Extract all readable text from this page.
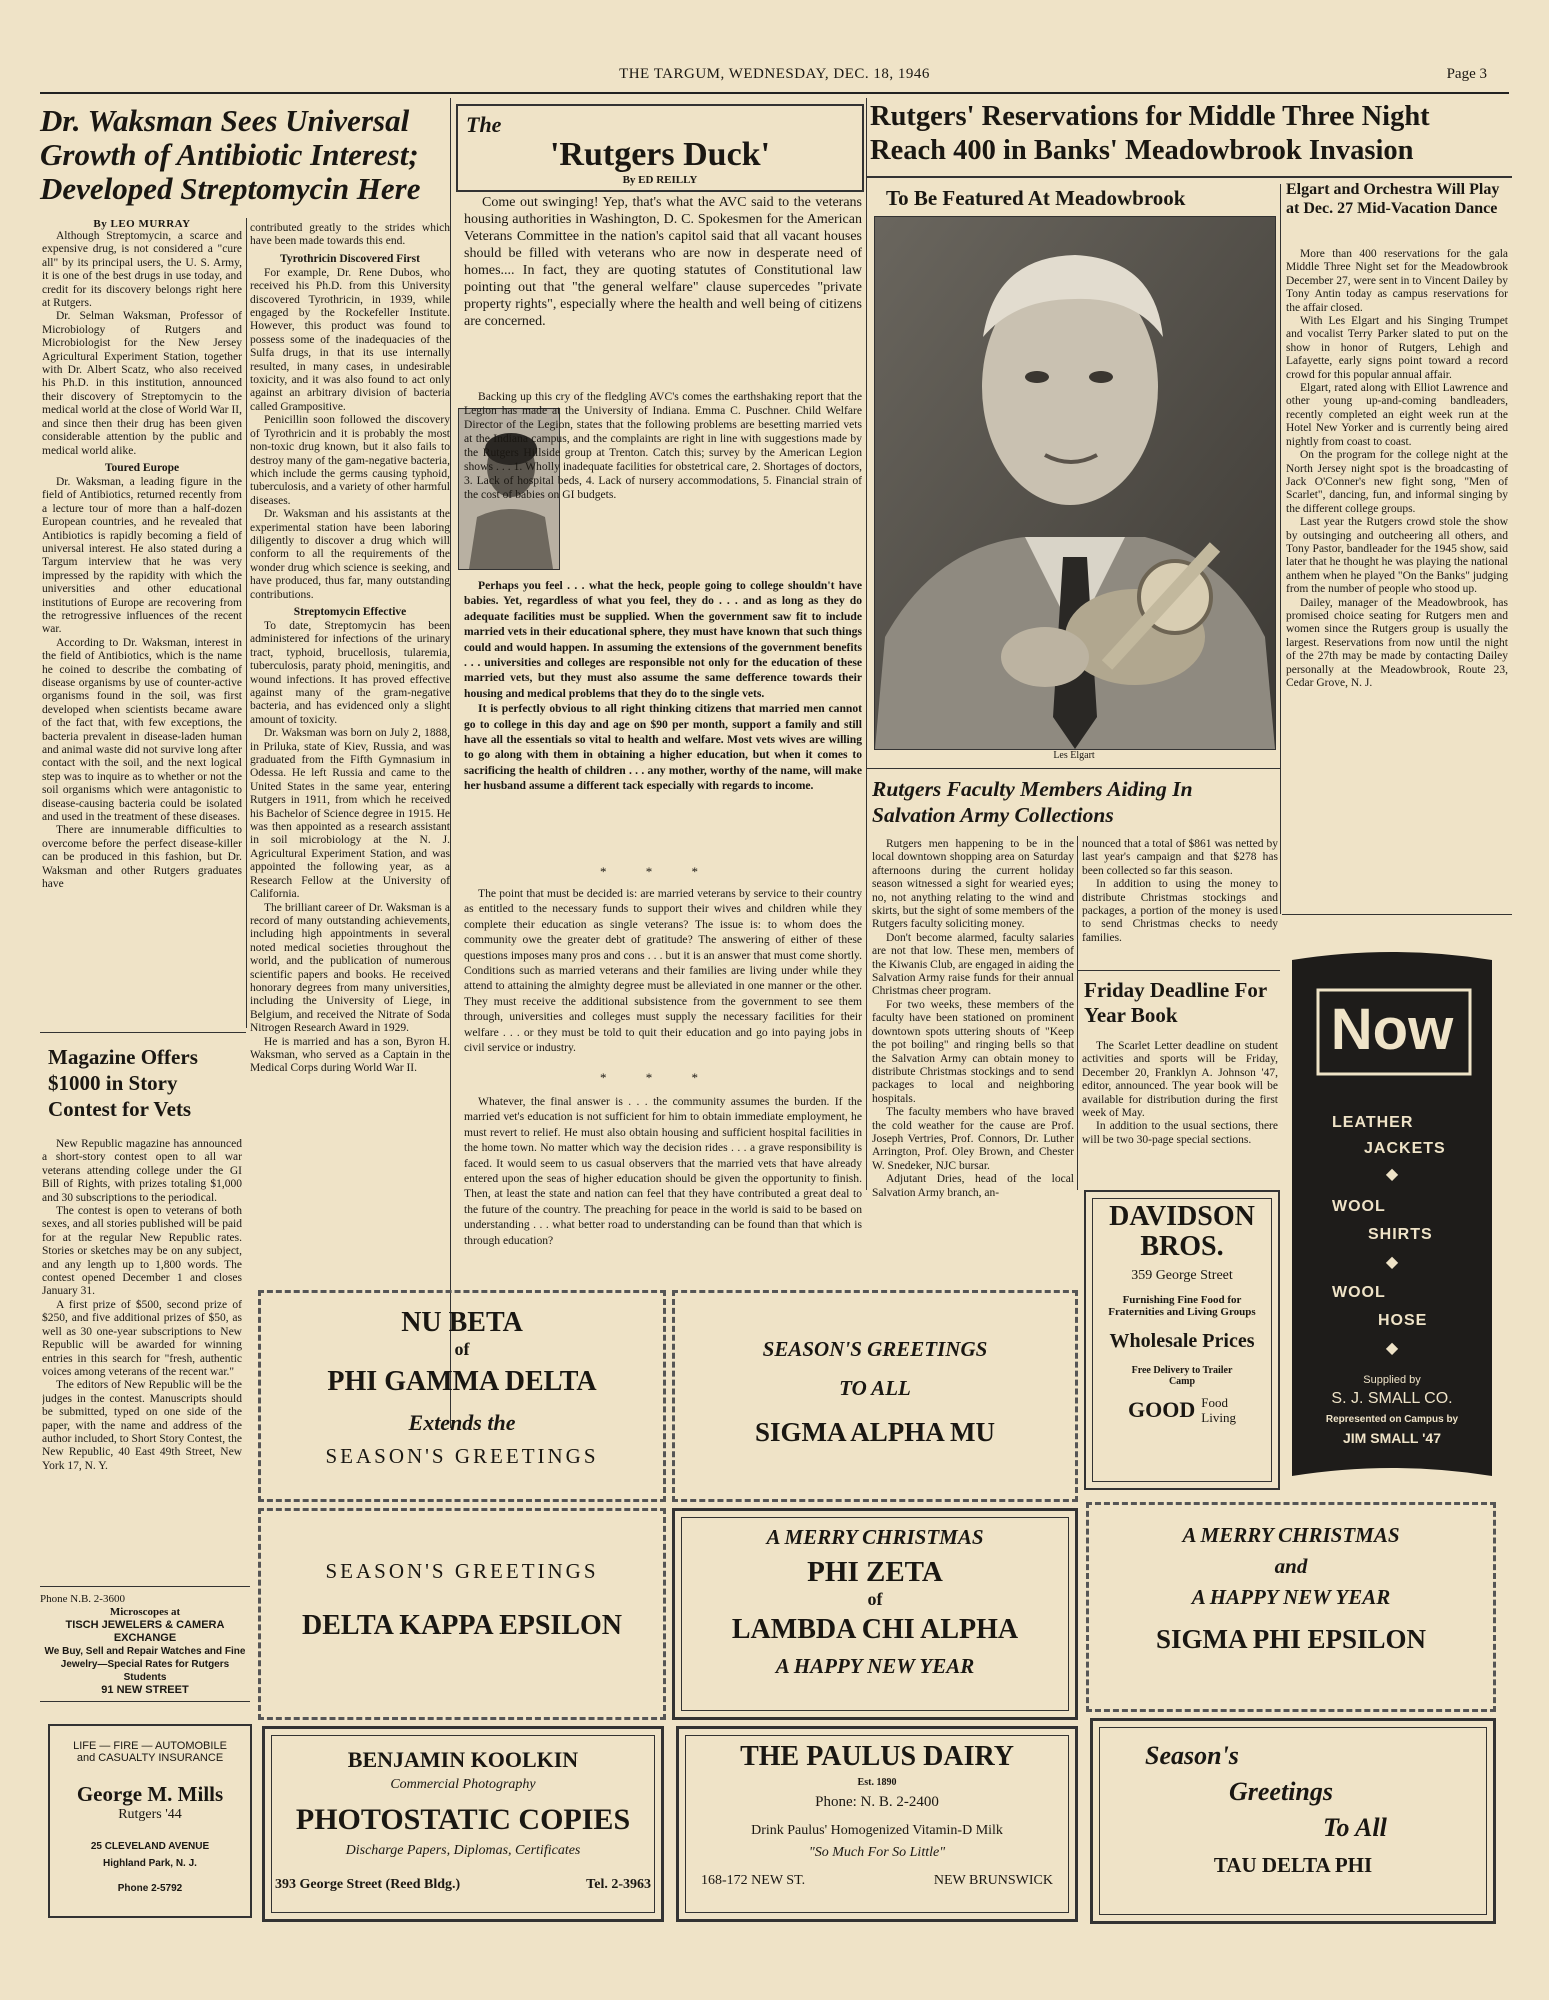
THE TARGUM, WEDNESDAY, DEC. 18, 1946	Page 3
Dr. Waksman Sees Universal Growth of Antibiotic Interest; Developed Streptomycin Here
By LEO MURRAY

Although Streptomycin, a scarce and expensive drug, is not considered a "cure all" by its principal users, the U. S. Army, it is one of the best drugs in use today, and credit for its discovery belongs right here at Rutgers.

Dr. Selman Waksman, Professor of Microbiology of Rutgers and Microbiologist for the New Jersey Agricultural Experiment Station, together with Dr. Albert Scatz, who also received his Ph.D. in this institution, announced their discovery of Streptomycin to the medical world at the close of World War II, and since then their drug has been given considerable attention by the public and medical world alike.

Toured Europe

Dr. Waksman, a leading figure in the field of Antibiotics, returned recently from a lecture tour of more than a half-dozen European countries, and he revealed that Antibiotics is rapidly becoming a field of universal interest. He also stated during a Targum interview that he was very impressed by the rapidity with which the universities and other educational institutions of Europe are recovering from the retrogressive influences of the recent war.

According to Dr. Waksman, interest in the field of Antibiotics, which is the name he coined to describe the combating of disease organisms by use of counter-active organisms found in the soil, was first developed when scientists became aware of the fact that, with few exceptions, the bacteria prevalent in disease-laden human and animal waste did not survive long after contact with the soil, and the next logical step was to inquire as to whether or not the soil organisms which were antagonistic to disease-causing bacteria could be isolated and used in the treatment of these diseases.

There are innumerable difficulties to overcome before the perfect disease-killer can be produced in this fashion, but Dr. Waksman and other Rutgers graduates have

contributed greatly to the strides which have been made towards this end.

Tyrothricin Discovered First

For example, Dr. Rene Dubos, who received his Ph.D. from this University discovered Tyrothricin, in 1939, while engaged by the Rockefeller Institute. However, this product was found to possess some of the inadequacies of the Sulfa drugs, in that its use internally resulted, in many cases, in undesirable toxicity, and it was also found to act only against an arbitrary division of bacteria called Grampositive.

Penicillin soon followed the discovery of Tyrothricin and it is probably the most non-toxic drug known, but it also fails to destroy many of the gam-negative bacteria, which include the germs causing typhoid, tuberculosis, and a variety of other harmful diseases.

Dr. Waksman and his assistants at the experimental station have been laboring diligently to discover a drug which will conform to all the requirements of the wonder drug which science is seeking, and have produced, thus far, many outstanding contributions.

Streptomycin Effective

To date, Streptomycin has been administered for infections of the urinary tract, typhoid, brucellosis, tularemia, tuberculosis, paraty phoid, meningitis, and wound infections. It has proved effective against many of the gram-negative bacteria, and has evidenced only a slight amount of toxicity.

Dr. Waksman was born on July 2, 1888, in Priluka, state of Kiev, Russia, and was graduated from the Fifth Gymnasium in Odessa. He left Russia and came to the United States in the same year, entering Rutgers in 1911, from which he received his Bachelor of Science degree in 1915. He was then appointed as a research assistant in soil microbiology at the N. J. Agricultural Experiment Station, and was appointed the following year, as a Research Fellow at the University of California.

The brilliant career of Dr. Waksman is a record of many outstanding achievements, including high appointments in several noted medical societies throughout the world, and the publication of numerous scientific papers and books. He received honorary degrees from many universities, including the University of Liege, in Belgium, and received the Nitrate of Soda Nitrogen Research Award in 1929.

He is married and has a son, Byron H. Waksman, who served as a Captain in the Medical Corps during World War II.

Magazine Offers $1000 in Story Contest for Vets

New Republic magazine has announced a short-story contest open to all war veterans attending college under the GI Bill of Rights, with prizes totaling $1,000 and 30 subscriptions to the periodical.

The contest is open to veterans of both sexes, and all stories published will be paid for at the regular New Republic rates. Stories or sketches may be on any subject, and any length up to 1,800 words. The contest opened December 1 and closes January 31.

A first prize of $500, second prize of $250, and five additional prizes of $50, as well as 30 one-year subscriptions to New Republic will be awarded for winning entries in this search for "fresh, authentic voices among veterans of the recent war."

The editors of New Republic will be the judges in the contest. Manuscripts should be submitted, typed on one side of the paper, with the name and address of the author included, to Short Story Contest, the New Republic, 40 East 49th Street, New York 17, N. Y.

Phone N.B. 2-3600
Microscopes at
TISCH JEWELERS & CAMERA EXCHANGE
We Buy, Sell and Repair Watches and Fine Jewelry—Special Rates for Rutgers Students
91 NEW STREET
LIFE — FIRE — AUTOMOBILE
and CASUALTY INSURANCE
George M. Mills
Rutgers '44
25 CLEVELAND AVENUE
Highland Park, N. J.
Phone 2-5792
The
'Rutgers Duck'
By ED REILLY

Come out swinging! Yep, that's what the AVC said to the veterans housing authorities in Washington, D. C. Spokesmen for the American Veterans Committee in the nation's capitol said that all vacant houses should be filled with veterans who are now in desperate need of homes.... In fact, they are quoting statutes of Constitutional law pointing out that "the general welfare" clause supercedes "private property rights", especially where the health and well being of citizens are concerned.

Backing up this cry of the fledgling AVC's comes the earthshaking report that the Legion has made at the University of Indiana. Emma C. Puschner. Child Welfare Director of the Legion, states that the following problems are besetting married vets at the Indiana campus, and the complaints are right in line with suggestions made by the Rutgers Hillside group at Trenton. Catch this; survey by the American Legion shows . . . 1. Wholly inadequate facilities for obstetrical care, 2. Shortages of doctors, 3. Lack of hospital beds, 4. Lack of nursery accommodations, 5. Financial strain of the cost of babies on GI budgets.

Perhaps you feel . . . what the heck, people going to college shouldn't have babies. Yet, regardless of what you feel, they do . . . and as long as they do adequate facilities must be supplied. When the government saw fit to include married vets in their educational sphere, they must have known that such things could and would happen. In assuming the extensions of the government benefits . . . universities and colleges are responsible not only for the education of these married vets, but they must also assume the same defference towards their housing and medical problems that they do to the single vets.

It is perfectly obvious to all right thinking citizens that married men cannot go to college in this day and age on $90 per month, support a family and still have all the essentials so vital to health and welfare. Most vets wives are willing to go along with them in obtaining a higher education, but when it comes to sacrificing the health of children . . . any mother, worthy of the name, will make her husband assume a different tack especially with regards to income.

* * *

The point that must be decided is: are married veterans by service to their country as entitled to the necessary funds to support their wives and children while they complete their education as single veterans? The issue is: to whom does the community owe the greater debt of gratitude? The answering of either of these questions imposes many pros and cons . . . but it is an answer that must come shortly. Conditions such as married veterans and their families are living under while they attend to attaining the almighty degree must be alleviated in one manner or the other. They must receive the additional subsistence from the government to see them through, universities and colleges must supply the necessary facilities for their welfare . . . or they must be told to quit their education and go into paying jobs in civil service or industry.

* * *

Whatever, the final answer is . . . the community assumes the burden. If the married vet's education is not sufficient for him to obtain immediate employment, he must revert to relief. He must also obtain housing and sufficient hospital facilities in the home town. No matter which way the decision rides . . . a grave responsibility is faced. It would seem to us casual observers that the married vets that have already entered upon the seas of higher education should be given the opportunity to finish. Then, at least the state and nation can feel that they have contributed a great deal to the future of the country. The preaching for peace in the world is said to be based on understanding . . . what better road to understanding can be found than that which is through education?

Rutgers' Reservations for Middle Three Night Reach 400 in Banks' Meadowbrook Invasion
To Be Featured At Meadowbrook
Les Elgart
Elgart and Orchestra Will Play at Dec. 27 Mid-Vacation Dance

More than 400 reservations for the gala Middle Three Night set for the Meadowbrook December 27, were sent in to Vincent Dailey by Tony Antin today as campus reservations for the affair closed.

With Les Elgart and his Singing Trumpet and vocalist Terry Parker slated to put on the show in honor of Rutgers, Lehigh and Lafayette, early signs point toward a record crowd for this popular annual affair.

Elgart, rated along with Elliot Lawrence and other young up-and-coming bandleaders, recently completed an eight week run at the Hotel New Yorker and is currently being aired nightly from coast to coast.

On the program for the college night at the North Jersey night spot is the broadcasting of Jack O'Conner's new fight song, "Men of Scarlet", dancing, fun, and informal singing by the different college groups.

Last year the Rutgers crowd stole the show by outsinging and outcheering all others, and Tony Pastor, bandleader for the 1945 show, said later that he thought he was playing the national anthem when he played "On the Banks" judging from the number of people who stood up.

Dailey, manager of the Meadowbrook, has promised choice seating for Rutgers men and women since the Rutgers group is usually the largest. Reservations from now until the night of the 27th may be made by contacting Dailey personally at the Meadowbrook, Route 23, Cedar Grove, N. J.

Rutgers Faculty Members Aiding In Salvation Army Collections

Rutgers men happening to be in the local downtown shopping area on Saturday afternoons during the current holiday season witnessed a sight for wearied eyes; no, not anything relating to the wind and skirts, but the sight of some members of the Rutgers faculty soliciting money.

Don't become alarmed, faculty salaries are not that low. These men, members of the Kiwanis Club, are engaged in aiding the Salvation Army raise funds for their annual Christmas cheer program.

For two weeks, these members of the faculty have been stationed on prominent downtown spots uttering shouts of "Keep the pot boiling" and ringing bells so that the Salvation Army can obtain money to distribute Christmas stockings and to send packages to local and neighboring hospitals.

The faculty members who have braved the cold weather for the cause are Prof. Joseph Vertries, Prof. Connors, Dr. Luther Arrington, Prof. Oley Brown, and Chester W. Snedeker, NJC bursar.

Adjutant Dries, head of the local Salvation Army branch, an-

nounced that a total of $861 was netted by last year's campaign and that $278 has been collected so far this season.

In addition to using the money to distribute Christmas stockings and packages, a portion of the money is used to send Christmas checks to needy families.

Friday Deadline For Year Book

The Scarlet Letter deadline on student activities and sports will be Friday, December 20, Franklyn A. Johnson '47, editor, announced. The year book will be available for distribution during the first week of May.

In addition to the usual sections, there will be two 30-page special sections.

DAVIDSON
BROS.
359 George Street
Furnishing Fine Food for Fraternities and Living Groups
Wholesale Prices
Free Delivery to Trailer Camp
GOOD Food
Living
Now
LEATHER
JACKETS
◆
WOOL
SHIRTS
◆
WOOL
HOSE
◆
Supplied by
S. J. SMALL CO.
Represented on Campus by
JIM SMALL '47
NU BETA
of
PHI GAMMA DELTA
Extends the
SEASON'S GREETINGS
SEASON'S GREETINGS
TO ALL
SIGMA ALPHA MU
SEASON'S GREETINGS
DELTA KAPPA EPSILON
A MERRY CHRISTMAS
PHI ZETA
of
LAMBDA CHI ALPHA
A HAPPY NEW YEAR
A MERRY CHRISTMAS
and
A HAPPY NEW YEAR
SIGMA PHI EPSILON
BENJAMIN KOOLKIN
Commercial Photography
PHOTOSTATIC COPIES
Discharge Papers, Diplomas, Certificates
393 George Street (Reed Bldg.)	Tel. 2-3963
THE PAULUS DAIRY
Est. 1890
Phone: N. B. 2-2400
Drink Paulus' Homogenized Vitamin-D Milk
"So Much For So Little"
168-172 NEW ST.	NEW BRUNSWICK
Season's
Greetings
To All
TAU DELTA PHI
